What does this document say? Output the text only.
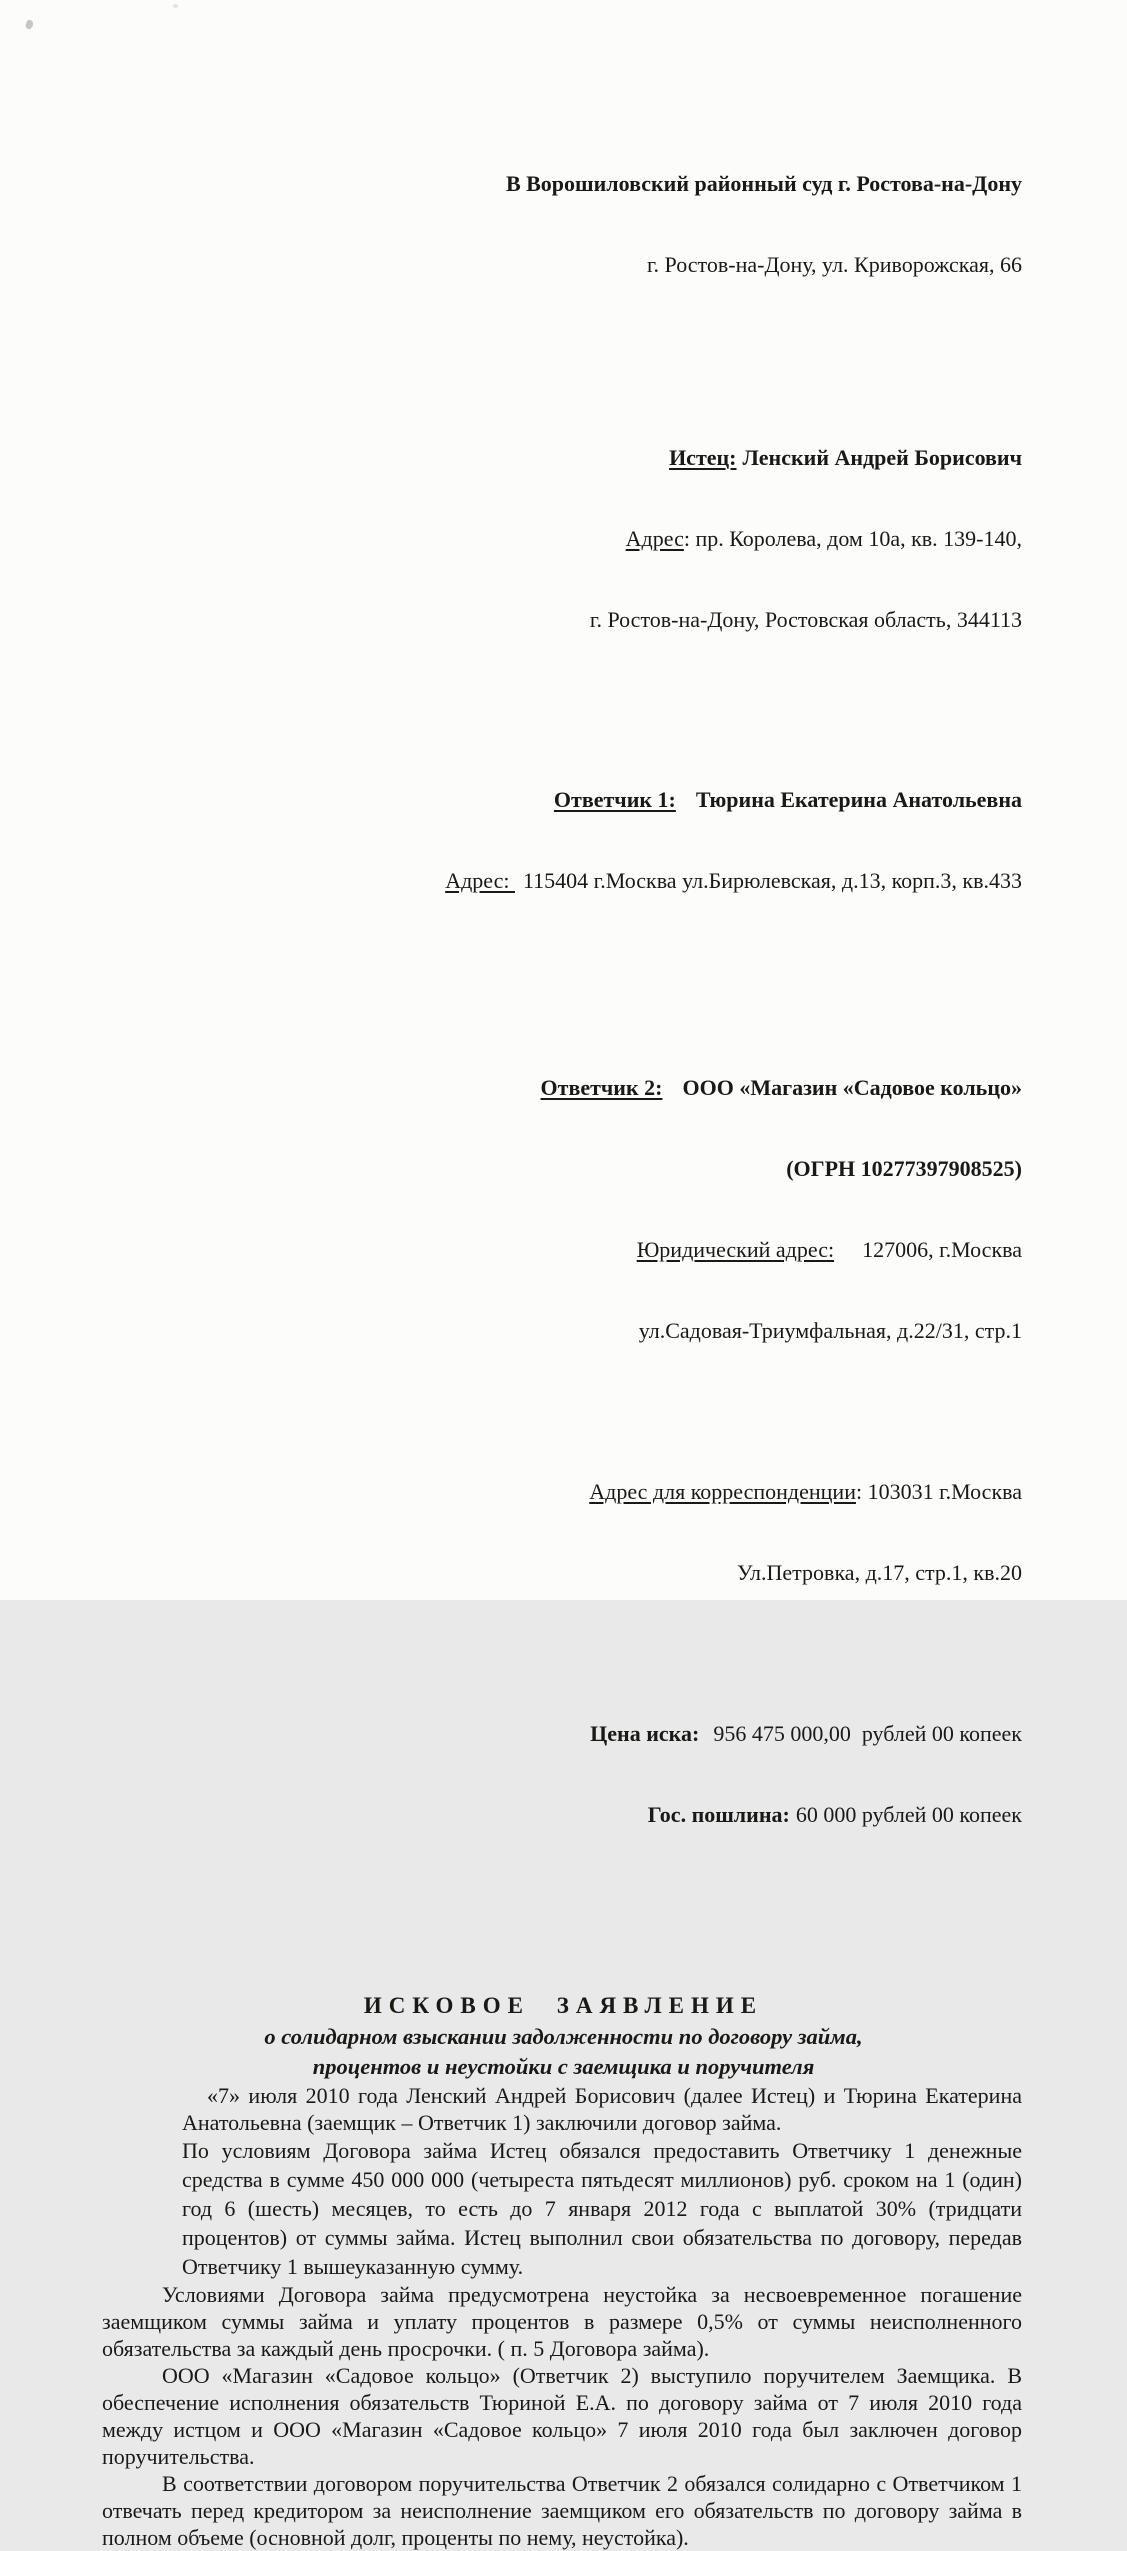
В Ворошиловский районный суд г. Ростова-на-Дону

г. Ростов-на-Дону, ул. Криворожская, 66

Истец: Ленский Андрей Борисович

Адрес: пр. Королева, дом 10а, кв. 139-140,

г. Ростов-на-Дону, Ростовская область, 344113

Ответчик 1: Тюрина Екатерина Анатольевна

Адрес: 115404 г.Москва ул.Бирюлевская, д.13, корп.3, кв.433

Ответчик 2: ООО «Магазин «Садовое кольцо»

(ОГРН 10277397908525)

Юридический адрес: 127006, г.Москва

ул.Садовая-Триумфальная, д.22/31, стр.1

Адрес для корреспонденции: 103031 г.Москва

Ул.Петровка, д.17, стр.1, кв.20

Цена иска: 956 475 000,00  рублей 00 копеек

Гос. пошлина: 60 000 рублей 00 копеек

ИСКОВОЕ ЗАЯВЛЕНИЕ
о солидарном взыскании задолженности по договору займа,
процентов и неустойки с заемщика и поручителя

«7» июля 2010 года Ленский Андрей Борисович (далее Истец) и Тюрина Екатерина Анатольевна (заемщик – Ответчик 1) заключили договор займа.

По условиям Договора займа Истец обязался предоставить Ответчику 1 денежные средства в сумме 450 000 000 (четыреста пятьдесят миллионов) руб. сроком на 1 (один) год 6 (шесть) месяцев, то есть до 7 января 2012 года с выплатой 30% (тридцати процентов) от суммы займа. Истец выполнил свои обязательства по договору, передав Ответчику 1 вышеуказанную сумму.

Условиями Договора займа предусмотрена неустойка за несвоевременное погашение заемщиком суммы займа и уплату процентов в размере 0,5% от суммы неисполненного обязательства за каждый день просрочки. ( п. 5 Договора займа).

ООО «Магазин «Садовое кольцо» (Ответчик 2) выступило поручителем Заемщика. В обеспечение исполнения обязательств Тюриной Е.А. по договору займа от 7 июля 2010 года между истцом и ООО «Магазин «Садовое кольцо» 7 июля 2010 года был заключен договор поручительства.

В соответствии договором поручительства Ответчик 2 обязался солидарно с Ответчиком 1 отвечать перед кредитором за неисполнение заемщиком его обязательств по договору займа в полном объеме (основной долг, проценты по нему, неустойка).
